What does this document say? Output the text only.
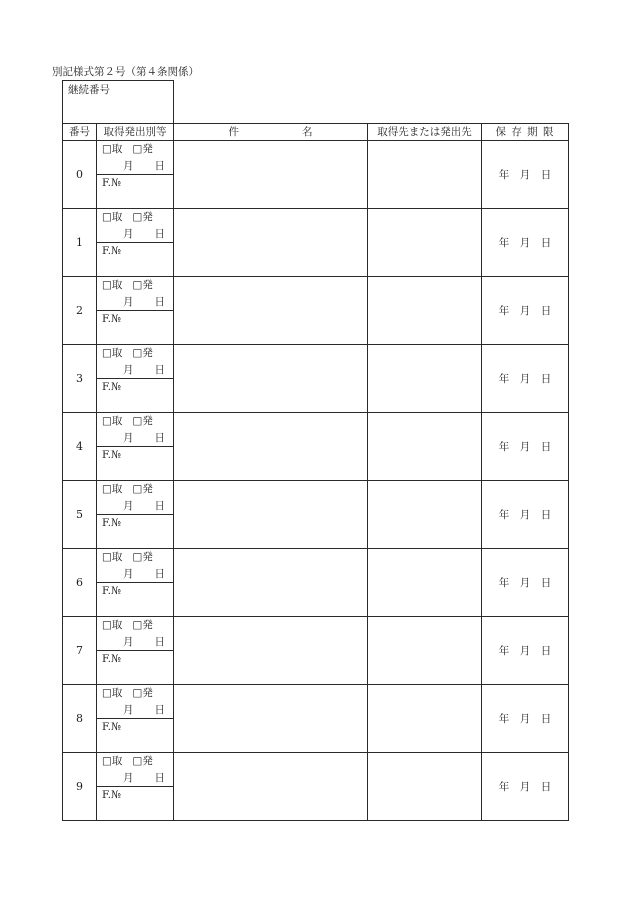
別記様式第２号（第４条関係）
継続番号
番号	取得発出別等	件　　　　　　名	取得先または発出先	保 存 期 限
0	□取 □発
月　　日
F.№			年　月　日
1	□取 □発
月　　日
F.№			年　月　日
2	□取 □発
月　　日
F.№			年　月　日
3	□取 □発
月　　日
F.№			年　月　日
4	□取 □発
月　　日
F.№			年　月　日
5	□取 □発
月　　日
F.№			年　月　日
6	□取 □発
月　　日
F.№			年　月　日
7	□取 □発
月　　日
F.№			年　月　日
8	□取 □発
月　　日
F.№			年　月　日
9	□取 □発
月　　日
F.№			年　月　日
